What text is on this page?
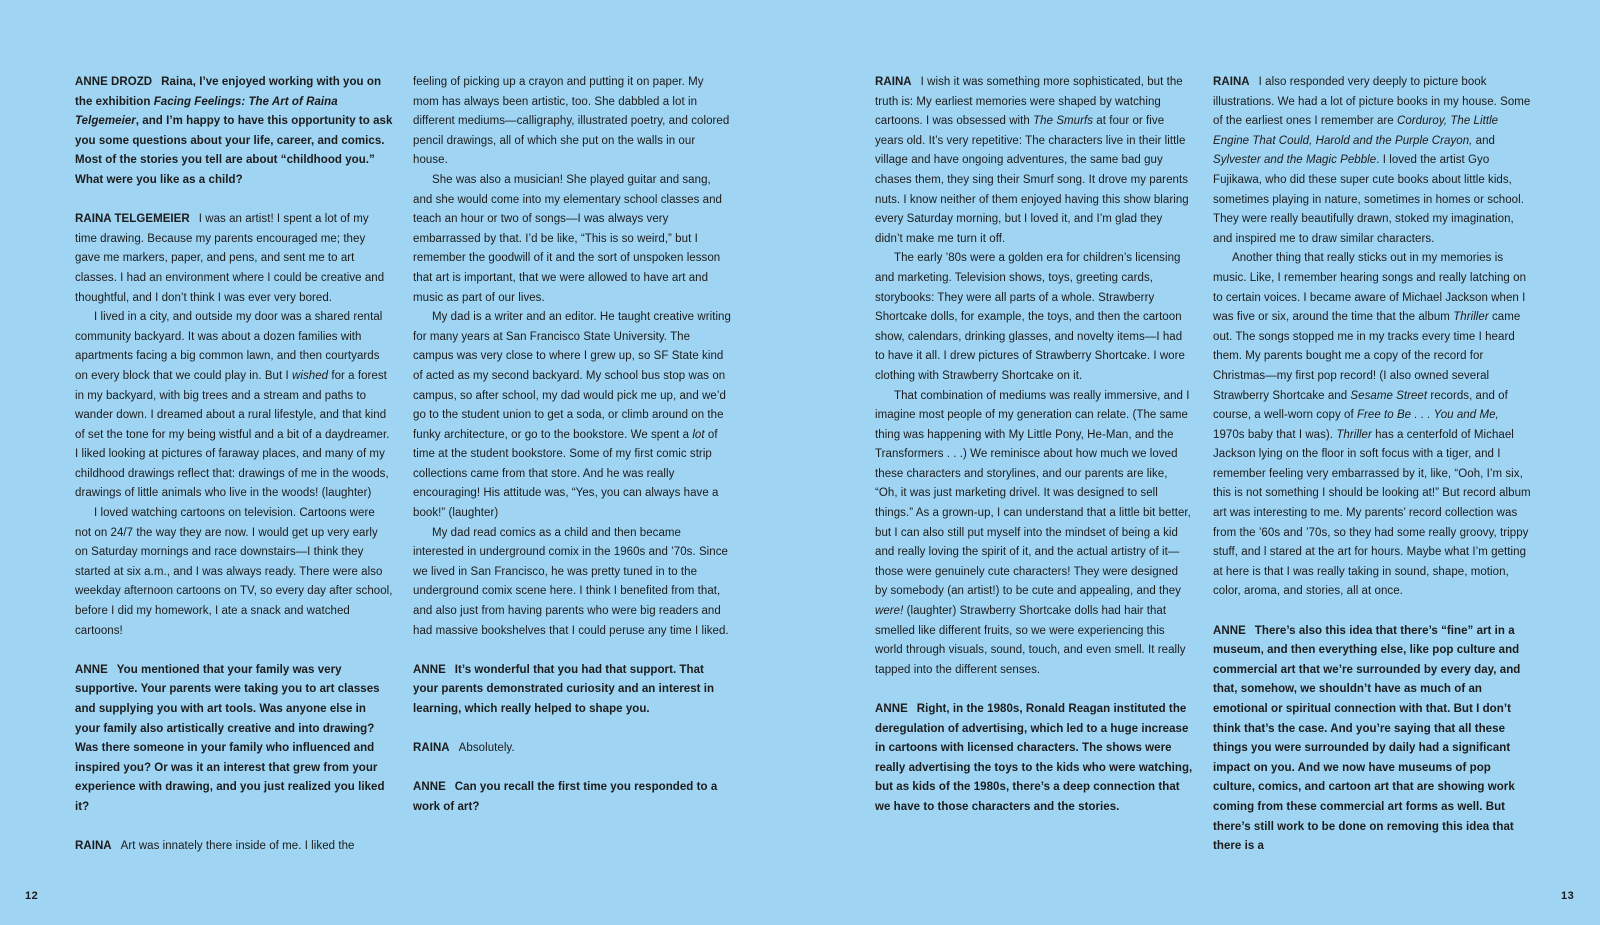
ANNE DROZD Raina, I’ve enjoyed working with you on the exhibition Facing Feelings: The Art of Raina Telgemeier, and I’m happy to have this opportunity to ask you some questions about your life, career, and comics. Most of the stories you tell are about “childhood you.” What were you like as a child?

RAINA TELGEMEIER I was an artist! I spent a lot of my time drawing. Because my parents encouraged me; they gave me markers, paper, and pens, and sent me to art classes. I had an environment where I could be creative and thoughtful, and I don’t think I was ever very bored.

I lived in a city, and outside my door was a shared rental community backyard. It was about a dozen families with apartments facing a big common lawn, and then courtyards on every block that we could play in. But I wished for a forest in my backyard, with big trees and a stream and paths to wander down. I dreamed about a rural lifestyle, and that kind of set the tone for my being wistful and a bit of a daydreamer. I liked looking at pictures of faraway places, and many of my childhood drawings reflect that: drawings of me in the woods, drawings of little animals who live in the woods! (laughter)

I loved watching cartoons on television. Cartoons were not on 24/7 the way they are now. I would get up very early on Saturday mornings and race downstairs—I think they started at six a.m., and I was always ready. There were also weekday afternoon cartoons on TV, so every day after school, before I did my homework, I ate a snack and watched cartoons!

ANNE You mentioned that your family was very supportive. Your parents were taking you to art classes and supplying you with art tools. Was anyone else in your family also artistically creative and into drawing? Was there someone in your family who influenced and inspired you? Or was it an interest that grew from your experience with drawing, and you just realized you liked it?

RAINA Art was innately there inside of me. I liked the

feeling of picking up a crayon and putting it on paper. My mom has always been artistic, too. She dabbled a lot in different mediums—calligraphy, illustrated poetry, and colored pencil drawings, all of which she put on the walls in our house.

She was also a musician! She played guitar and sang, and she would come into my elementary school classes and teach an hour or two of songs—I was always very embarrassed by that. I’d be like, “This is so weird,” but I remember the goodwill of it and the sort of unspoken lesson that art is important, that we were allowed to have art and music as part of our lives.

My dad is a writer and an editor. He taught creative writing for many years at San Francisco State University. The campus was very close to where I grew up, so SF State kind of acted as my second backyard. My school bus stop was on campus, so after school, my dad would pick me up, and we’d go to the student union to get a soda, or climb around on the funky architecture, or go to the bookstore. We spent a lot of time at the student bookstore. Some of my first comic strip collections came from that store. And he was really encouraging! His attitude was, “Yes, you can always have a book!” (laughter)

My dad read comics as a child and then became interested in underground comix in the 1960s and ’70s. Since we lived in San Francisco, he was pretty tuned in to the underground comix scene here. I think I benefited from that, and also just from having parents who were big readers and had massive bookshelves that I could peruse any time I liked.

ANNE It’s wonderful that you had that support. That your parents demonstrated curiosity and an interest in learning, which really helped to shape you.

RAINA Absolutely.

ANNE Can you recall the first time you responded to a work of art?

RAINA I wish it was something more sophisticated, but the truth is: My earliest memories were shaped by watching cartoons. I was obsessed with The Smurfs at four or five years old. It’s very repetitive: The characters live in their little village and have ongoing adventures, the same bad guy chases them, they sing their Smurf song. It drove my parents nuts. I know neither of them enjoyed having this show blaring every Saturday morning, but I loved it, and I’m glad they didn’t make me turn it off.

The early ’80s were a golden era for children’s licensing and marketing. Television shows, toys, greeting cards, storybooks: They were all parts of a whole. Strawberry Shortcake dolls, for example, the toys, and then the cartoon show, calendars, drinking glasses, and novelty items—I had to have it all. I drew pictures of Strawberry Shortcake. I wore clothing with Strawberry Shortcake on it.

That combination of mediums was really immersive, and I imagine most people of my generation can relate. (The same thing was happening with My Little Pony, He-Man, and the Transformers . . .) We reminisce about how much we loved these characters and storylines, and our parents are like, “Oh, it was just marketing drivel. It was designed to sell things.” As a grown-up, I can understand that a little bit better, but I can also still put myself into the mindset of being a kid and really loving the spirit of it, and the actual artistry of it—those were genuinely cute characters! They were designed by somebody (an artist!) to be cute and appealing, and they were! (laughter) Strawberry Shortcake dolls had hair that smelled like different fruits, so we were experiencing this world through visuals, sound, touch, and even smell. It really tapped into the different senses.

ANNE Right, in the 1980s, Ronald Reagan instituted the deregulation of advertising, which led to a huge increase in cartoons with licensed characters. The shows were really advertising the toys to the kids who were watching, but as kids of the 1980s, there’s a deep connection that we have to those characters and the stories.

RAINA I also responded very deeply to picture book illustrations. We had a lot of picture books in my house. Some of the earliest ones I remember are Corduroy, The Little Engine That Could, Harold and the Purple Crayon, and Sylvester and the Magic Pebble. I loved the artist Gyo Fujikawa, who did these super cute books about little kids, sometimes playing in nature, sometimes in homes or school. They were really beautifully drawn, stoked my imagination, and inspired me to draw similar characters.

Another thing that really sticks out in my memories is music. Like, I remember hearing songs and really latching on to certain voices. I became aware of Michael Jackson when I was five or six, around the time that the album Thriller came out. The songs stopped me in my tracks every time I heard them. My parents bought me a copy of the record for Christmas—my first pop record! (I also owned several Strawberry Shortcake and Sesame Street records, and of course, a well-worn copy of Free to Be . . . You and Me, 1970s baby that I was). Thriller has a centerfold of Michael Jackson lying on the floor in soft focus with a tiger, and I remember feeling very embarrassed by it, like, “Ooh, I’m six, this is not something I should be looking at!” But record album art was interesting to me. My parents’ record collection was from the ’60s and ’70s, so they had some really groovy, trippy stuff, and l stared at the art for hours. Maybe what I’m getting at here is that I was really taking in sound, shape, motion, color, aroma, and stories, all at once.

ANNE There’s also this idea that there’s “fine” art in a museum, and then everything else, like pop culture and commercial art that we’re surrounded by every day, and that, somehow, we shouldn’t have as much of an emotional or spiritual connection with that. But I don’t think that’s the case. And you’re saying that all these things you were surrounded by daily had a significant impact on you. And we now have museums of pop culture, comics, and cartoon art that are showing work coming from these commercial art forms as well. But there’s still work to be done on removing this idea that there is a

12	13
